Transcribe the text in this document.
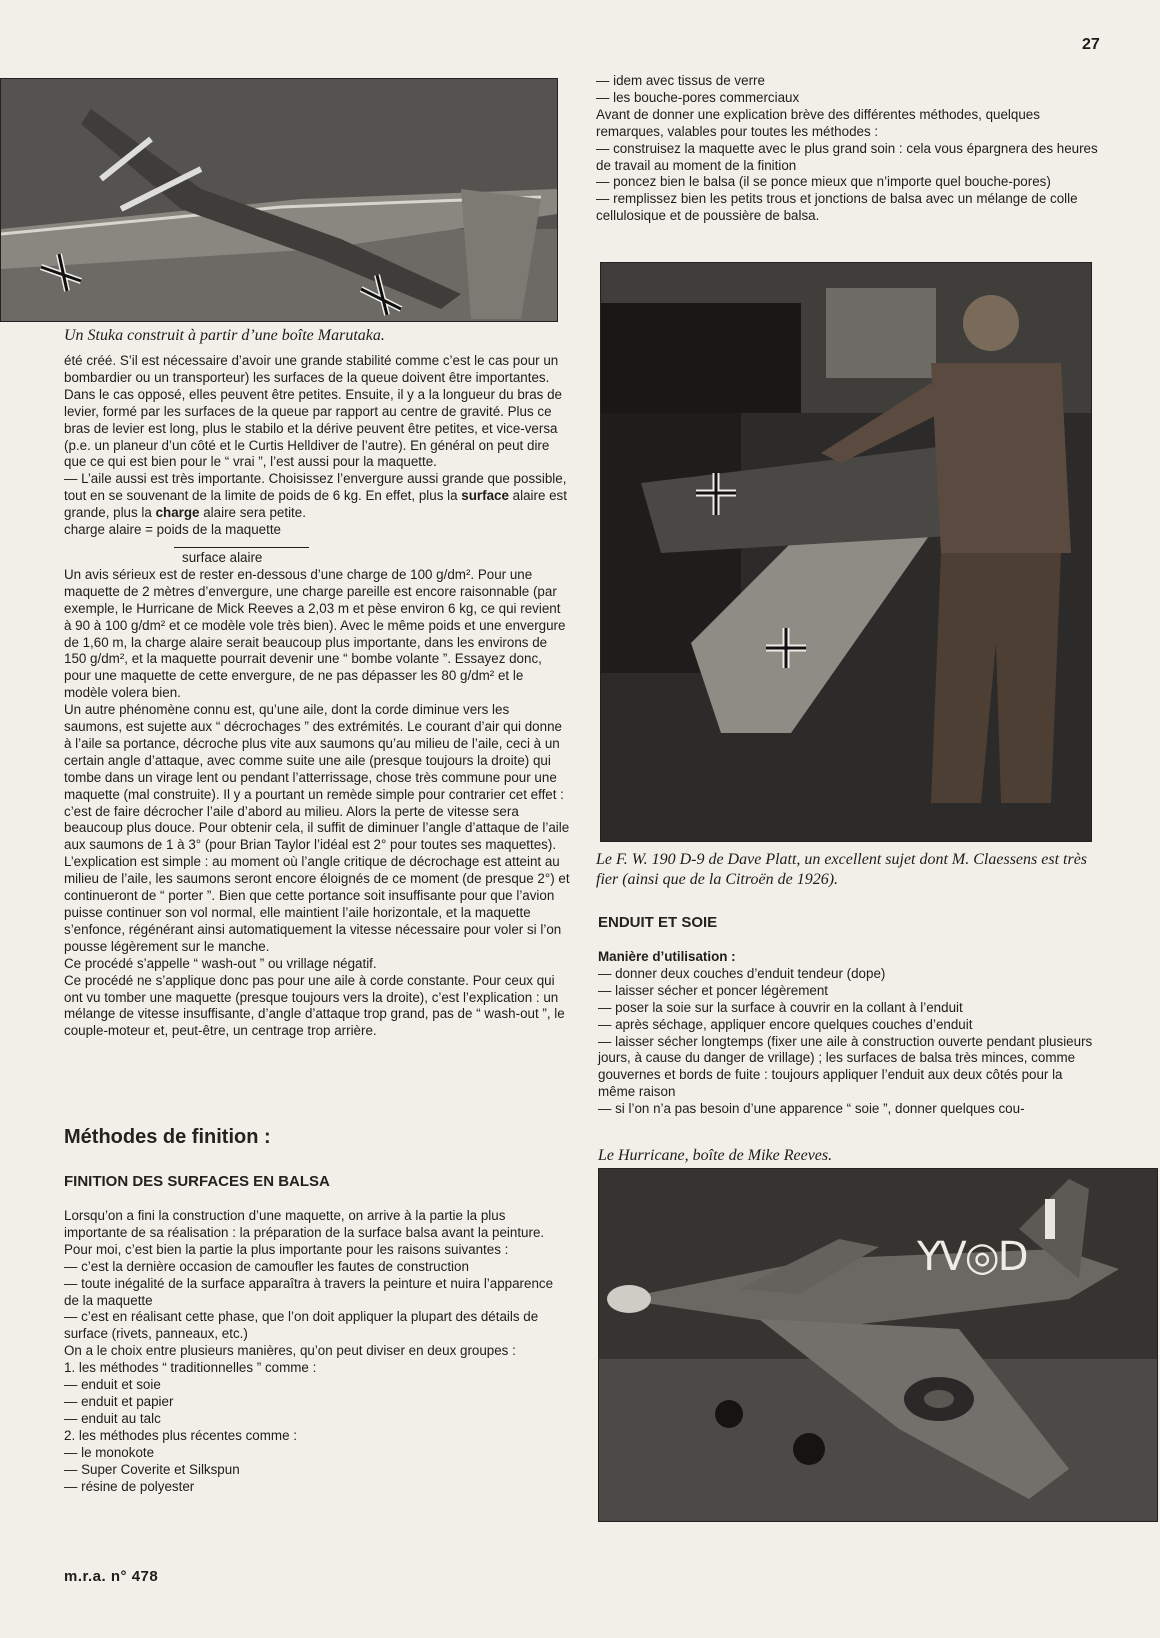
27
Un Stuka construit à partir d’une boîte Marutaka.

été créé. S’il est nécessaire d’avoir une grande stabilité comme c’est le cas pour un bombardier ou un transporteur) les surfaces de la queue doivent être importantes. Dans le cas opposé, elles peuvent être petites. Ensuite, il y a la longueur du bras de levier, formé par les surfaces de la queue par rapport au centre de gravité. Plus ce bras de levier est long, plus le stabilo et la dérive peuvent être petites, et vice-versa (p.e. un planeur d’un côté et le Curtis Helldiver de l’autre). En général on peut dire que ce qui est bien pour le “ vrai ”, l’est aussi pour la maquette.

— L’aile aussi est très importante. Choisissez l’envergure aussi grande que possible, tout en se souvenant de la limite de poids de 6 kg. En effet, plus la surface alaire est grande, plus la charge alaire sera petite.

charge alaire = poids de la maquette

surface alaire

Un avis sérieux est de rester en-dessous d’une charge de 100 g/dm². Pour une maquette de 2 mètres d’envergure, une charge pareille est encore raisonnable (par exemple, le Hurricane de Mick Reeves a 2,03 m et pèse environ 6 kg, ce qui revient à 90 à 100 g/dm² et ce modèle vole très bien). Avec le même poids et une envergure de 1,60 m, la charge alaire serait beaucoup plus importante, dans les environs de 150 g/dm², et la maquette pourrait devenir une “ bombe volante ”. Essayez donc, pour une maquette de cette envergure, de ne pas dépasser les 80 g/dm² et le modèle volera bien.

Un autre phénomène connu est, qu’une aile, dont la corde diminue vers les saumons, est sujette aux “ décrochages ” des extrémités. Le courant d’air qui donne à l’aile sa portance, décroche plus vite aux saumons qu’au milieu de l’aile, ceci à un certain angle d’attaque, avec comme suite une aile (presque toujours la droite) qui tombe dans un virage lent ou pendant l’atterrissage, chose très commune pour une maquette (mal construite). Il y a pourtant un remède simple pour contrarier cet effet : c’est de faire décrocher l’aile d’abord au milieu. Alors la perte de vitesse sera beaucoup plus douce. Pour obtenir cela, il suffit de diminuer l’angle d’attaque de l’aile aux saumons de 1 à 3° (pour Brian Taylor l’idéal est 2° pour toutes ses maquettes). L’explication est simple : au moment où l’angle critique de décrochage est atteint au milieu de l’aile, les saumons seront encore éloignés de ce moment (de presque 2°) et continueront de “ porter ”. Bien que cette portance soit insuffisante pour que l’avion puisse continuer son vol normal, elle maintient l’aile horizontale, et la maquette s’enfonce, régénérant ainsi automatiquement la vitesse nécessaire pour voler si l’on pousse légèrement sur le manche.

Ce procédé s’appelle “ wash-out ” ou vrillage négatif.

Ce procédé ne s’applique donc pas pour une aile à corde constante. Pour ceux qui ont vu tomber une maquette (presque toujours vers la droite), c’est l’explication : un mélange de vitesse insuffisante, d’angle d’attaque trop grand, pas de “ wash-out ”, le couple-moteur et, peut-être, un centrage trop arrière.

Méthodes de finition :
FINITION DES SURFACES EN BALSA

Lorsqu’on a fini la construction d’une maquette, on arrive à la partie la plus importante de sa réalisation : la préparation de la surface balsa avant la peinture.

Pour moi, c’est bien la partie la plus importante pour les raisons suivantes :

— c’est la dernière occasion de camoufler les fautes de construction

— toute inégalité de la surface apparaîtra à travers la peinture et nuira l’apparence de la maquette

— c’est en réalisant cette phase, que l’on doit appliquer la plupart des détails de surface (rivets, panneaux, etc.)

On a le choix entre plusieurs manières, qu’on peut diviser en deux groupes :

1. les méthodes “ traditionnelles ” comme :

— enduit et soie

— enduit et papier

— enduit au talc

2. les méthodes plus récentes comme :

— le monokote

— Super Coverite et Silkspun

— résine de polyester

— idem avec tissus de verre

— les bouche-pores commerciaux

Avant de donner une explication brève des différentes méthodes, quelques remarques, valables pour toutes les méthodes :

— construisez la maquette avec le plus grand soin : cela vous épargnera des heures de travail au moment de la finition

— poncez bien le balsa (il se ponce mieux que n’importe quel bouche-pores)

— remplissez bien les petits trous et jonctions de balsa avec un mélange de colle cellulosique et de poussière de balsa.

Le F. W. 190 D-9 de Dave Platt, un excellent sujet dont M. Claessens est très fier (ainsi que de la Citroën de 1926).
ENDUIT ET SOIE

Manière d’utilisation :

— donner deux couches d’enduit tendeur (dope)

— laisser sécher et poncer légèrement

— poser la soie sur la surface à couvrir en la collant à l’enduit

— après séchage, appliquer encore quelques couches d’enduit

— laisser sécher longtemps (fixer une aile à construction ouverte pendant plusieurs jours, à cause du danger de vrillage) ; les surfaces de balsa très minces, comme gouvernes et bords de fuite : toujours appliquer l’enduit aux deux côtés pour la même raison

— si l’on n’a pas besoin d’une apparence “ soie ”, donner quelques cou-

Le Hurricane, boîte de Mike Reeves.
YV◎D
m.r.a. n° 478
